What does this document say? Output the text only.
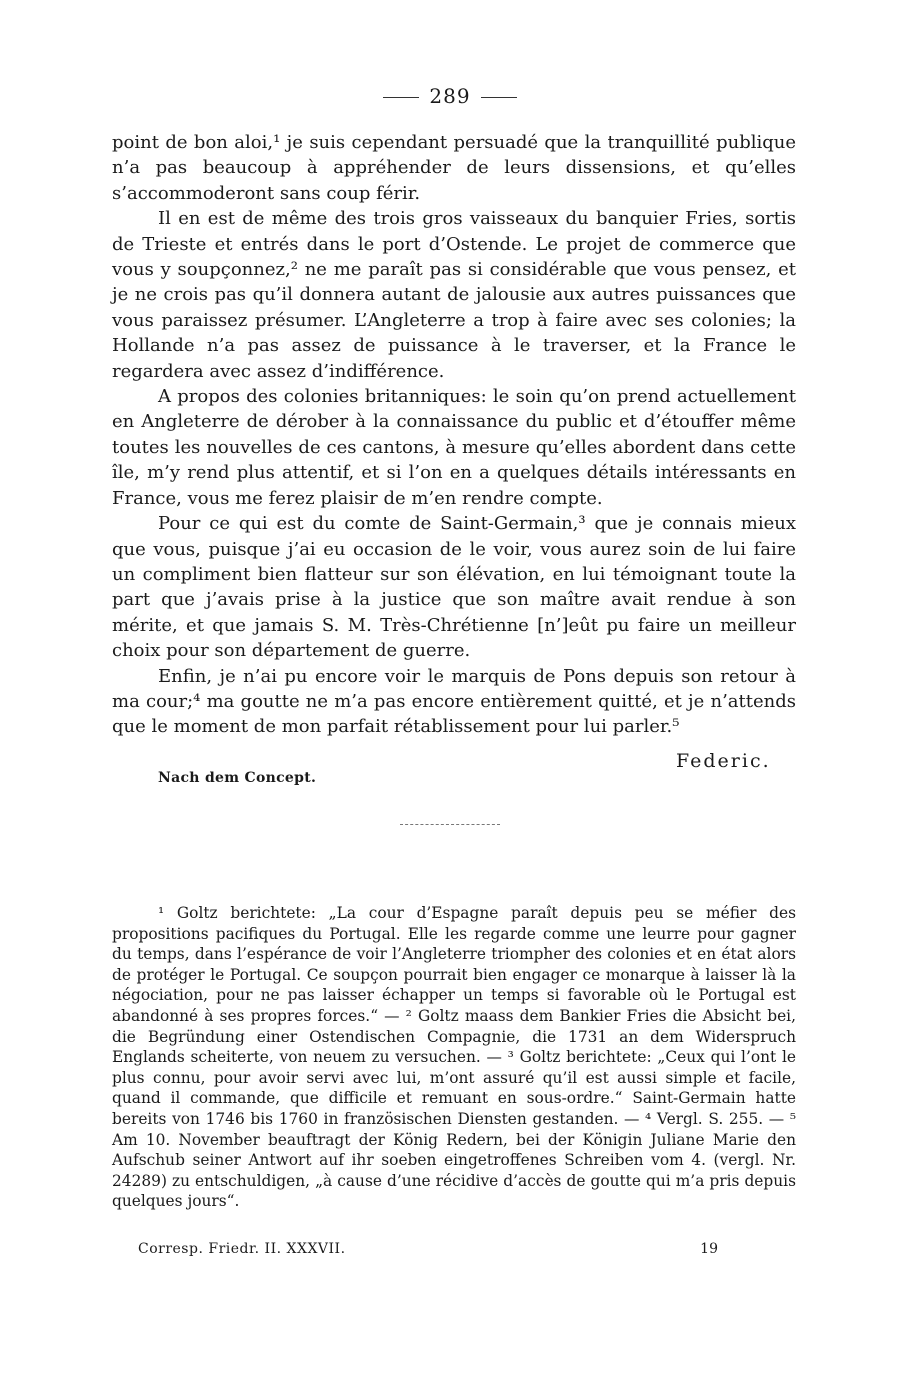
289

point de bon aloi,¹ je suis cependant persuadé que la tranquillité publique n’a pas beaucoup à appréhender de leurs dissensions, et qu’elles s’accommoderont sans coup férir.

Il en est de même des trois gros vaisseaux du banquier Fries, sortis de Trieste et entrés dans le port d’Ostende. Le projet de commerce que vous y soupçonnez,² ne me paraît pas si considérable que vous pensez, et je ne crois pas qu’il donnera autant de jalousie aux autres puissances que vous paraissez présumer. L’Angleterre a trop à faire avec ses colonies; la Hollande n’a pas assez de puissance à le traverser, et la France le regardera avec assez d’indifférence.

A propos des colonies britanniques: le soin qu’on prend actuellement en Angleterre de dérober à la connaissance du public et d’étouffer même toutes les nouvelles de ces cantons, à mesure qu’elles abordent dans cette île, m’y rend plus attentif, et si l’on en a quelques détails intéressants en France, vous me ferez plaisir de m’en rendre compte.

Pour ce qui est du comte de Saint-Germain,³ que je connais mieux que vous, puisque j’ai eu occasion de le voir, vous aurez soin de lui faire un compliment bien flatteur sur son élévation, en lui témoignant toute la part que j’avais prise à la justice que son maître avait rendue à son mérite, et que jamais S. M. Très-Chrétienne [n’]eût pu faire un meilleur choix pour son département de guerre.

Enfin, je n’ai pu encore voir le marquis de Pons depuis son retour à ma cour;⁴ ma goutte ne m’a pas encore entièrement quitté, et je n’attends que le moment de mon parfait rétablissement pour lui parler.⁵

Federic.
Nach dem Concept.

¹ Goltz berichtete: „La cour d’Espagne paraît depuis peu se méfier des propositions pacifiques du Portugal. Elle les regarde comme une leurre pour gagner du temps, dans l’espérance de voir l’Angleterre triompher des colonies et en état alors de protéger le Portugal. Ce soupçon pourrait bien engager ce monarque à laisser là la négociation, pour ne pas laisser échapper un temps si favorable où le Portugal est abandonné à ses propres forces.“ — ² Goltz maass dem Bankier Fries die Absicht bei, die Begründung einer Ostendischen Compagnie, die 1731 an dem Widerspruch Englands scheiterte, von neuem zu versuchen. — ³ Goltz berichtete: „Ceux qui l’ont le plus connu, pour avoir servi avec lui, m’ont assuré qu’il est aussi simple et facile, quand il commande, que difficile et remuant en sous-ordre.“ Saint-Germain hatte bereits von 1746 bis 1760 in französischen Diensten gestanden. — ⁴ Vergl. S. 255. — ⁵ Am 10. November beauftragt der König Redern, bei der Königin Juliane Marie den Aufschub seiner Antwort auf ihr soeben eingetroffenes Schreiben vom 4. (vergl. Nr. 24289) zu entschuldigen, „à cause d’une récidive d’accès de goutte qui m’a pris depuis quelques jours“.

Corresp. Friedr. II. XXXVII.	19
